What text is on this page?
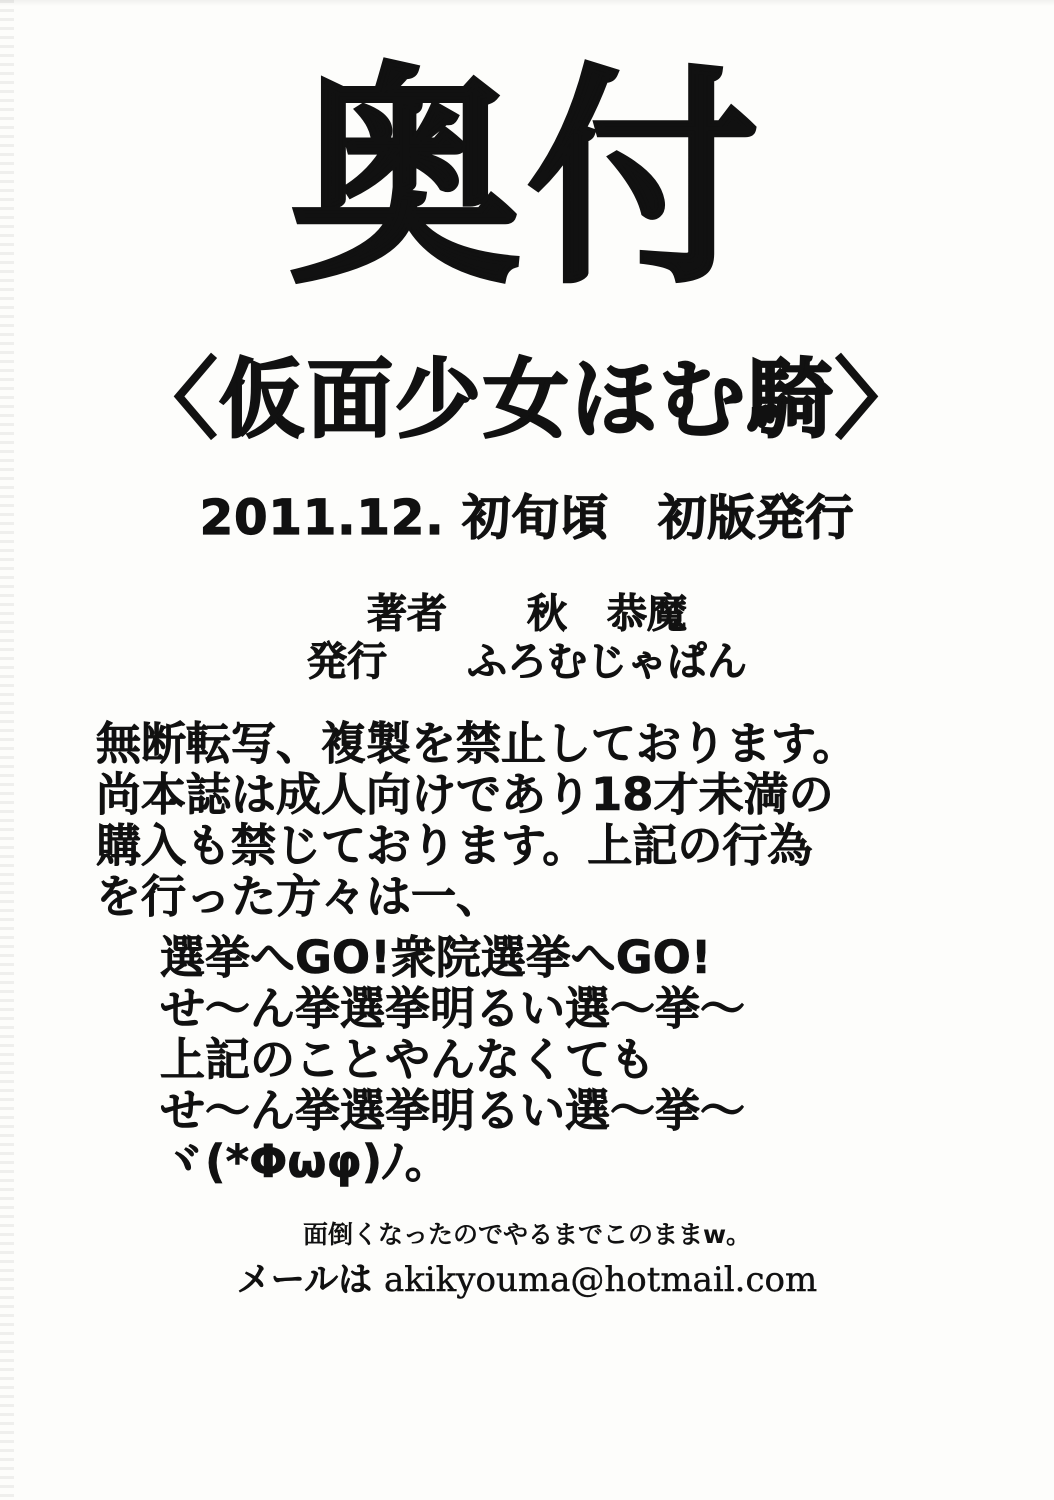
奥付
〈仮面少女ほむ騎〉
2011.12. 初旬頃　初版発行
著者　　秋　恭魔
発行　　ふろむじゃぱん
無断転写、複製を禁止しております。
尚本誌は成人向けであり18才未満の
購入も禁じております。上記の行為
を行った方々は一、
選挙へGO!衆院選挙へGO!
せ〜ん挙選挙明るい選〜挙〜
上記のことやんなくても
せ〜ん挙選挙明るい選〜挙〜
ヾ(*Φωφ)ﾉ。
面倒くなったのでやるまでこのままw。
メールは akikyouma@hotmail.com
